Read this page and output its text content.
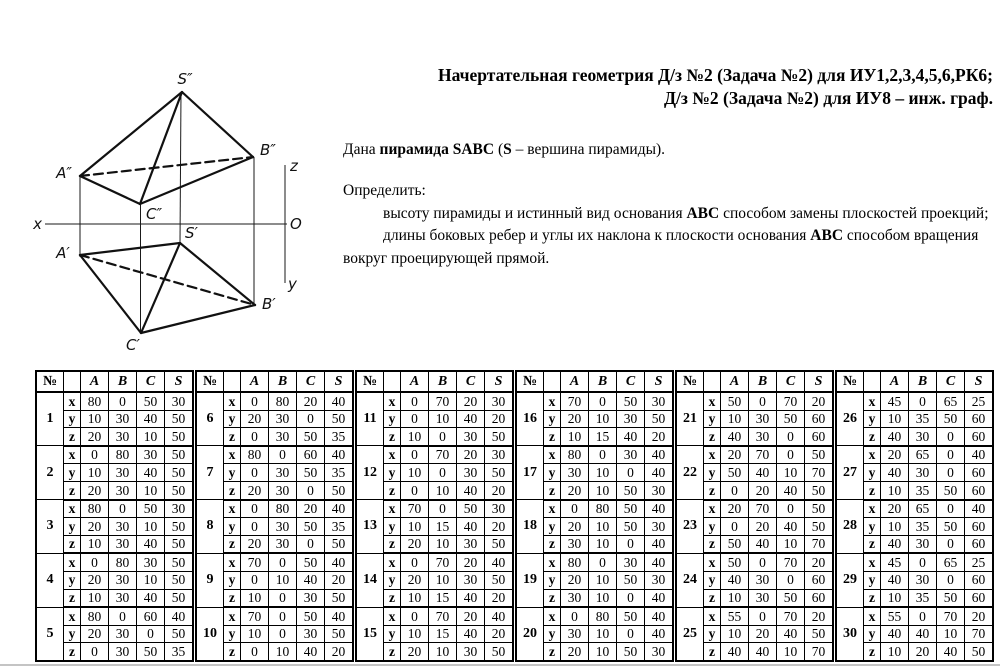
S″
A″
B″
C″
S′
A′
B′
C′
x
z
y
O
Начертательная геометрия Д/з №2 (Задача №2) для ИУ1,2,3,4,5,6,РК6;
Д/з №2 (Задача №2) для ИУ8 – инж. граф.

Дана пирамида SABC (S – вершина пирамиды).

Определить:

высоту пирамиды и истинный вид основания АВС способом замены плоскостей проекций;

длины боковых ребер и углы их наклона к плоскости основания АВС способом вращения вокруг проецирующей прямой.

№		A	B	C	S
1	x	80	0	50	30
	y	10	30	40	50
	z	20	30	10	50
2	x	0	80	30	50
	y	10	30	40	50
	z	20	30	10	50
3	x	80	0	50	30
	y	20	30	10	50
	z	10	30	40	50
4	x	0	80	30	50
	y	20	30	10	50
	z	10	30	40	50
5	x	80	0	60	40
	y	20	30	0	50
	z	0	30	50	35
№		A	B	C	S
6	x	0	80	20	40
	y	20	30	0	50
	z	0	30	50	35
7	x	80	0	60	40
	y	0	30	50	35
	z	20	30	0	50
8	x	0	80	20	40
	y	0	30	50	35
	z	20	30	0	50
9	x	70	0	50	40
	y	0	10	40	20
	z	10	0	30	50
10	x	70	0	50	40
	y	10	0	30	50
	z	0	10	40	20
№		A	B	C	S
11	x	0	70	20	30
	y	0	10	40	20
	z	10	0	30	50
12	x	0	70	20	30
	y	10	0	30	50
	z	0	10	40	20
13	x	70	0	50	30
	y	10	15	40	20
	z	20	10	30	50
14	x	0	70	20	40
	y	20	10	30	50
	z	10	15	40	20
15	x	0	70	20	40
	y	10	15	40	20
	z	20	10	30	50
№		A	B	C	S
16	x	70	0	50	30
	y	20	10	30	50
	z	10	15	40	20
17	x	80	0	30	40
	y	30	10	0	40
	z	20	10	50	30
18	x	0	80	50	40
	y	20	10	50	30
	z	30	10	0	40
19	x	80	0	30	40
	y	20	10	50	30
	z	30	10	0	40
20	x	0	80	50	40
	y	30	10	0	40
	z	20	10	50	30
№		A	B	C	S
21	x	50	0	70	20
	y	10	30	50	60
	z	40	30	0	60
22	x	20	70	0	50
	y	50	40	10	70
	z	0	20	40	50
23	x	20	70	0	50
	y	0	20	40	50
	z	50	40	10	70
24	x	50	0	70	20
	y	40	30	0	60
	z	10	30	50	60
25	x	55	0	70	20
	y	10	20	40	50
	z	40	40	10	70
№		A	B	C	S
26	x	45	0	65	25
	y	10	35	50	60
	z	40	30	0	60
27	x	20	65	0	40
	y	40	30	0	60
	z	10	35	50	60
28	x	20	65	0	40
	y	10	35	50	60
	z	40	30	0	60
29	x	45	0	65	25
	y	40	30	0	60
	z	10	35	50	60
30	x	55	0	70	20
	y	40	40	10	70
	z	10	20	40	50
